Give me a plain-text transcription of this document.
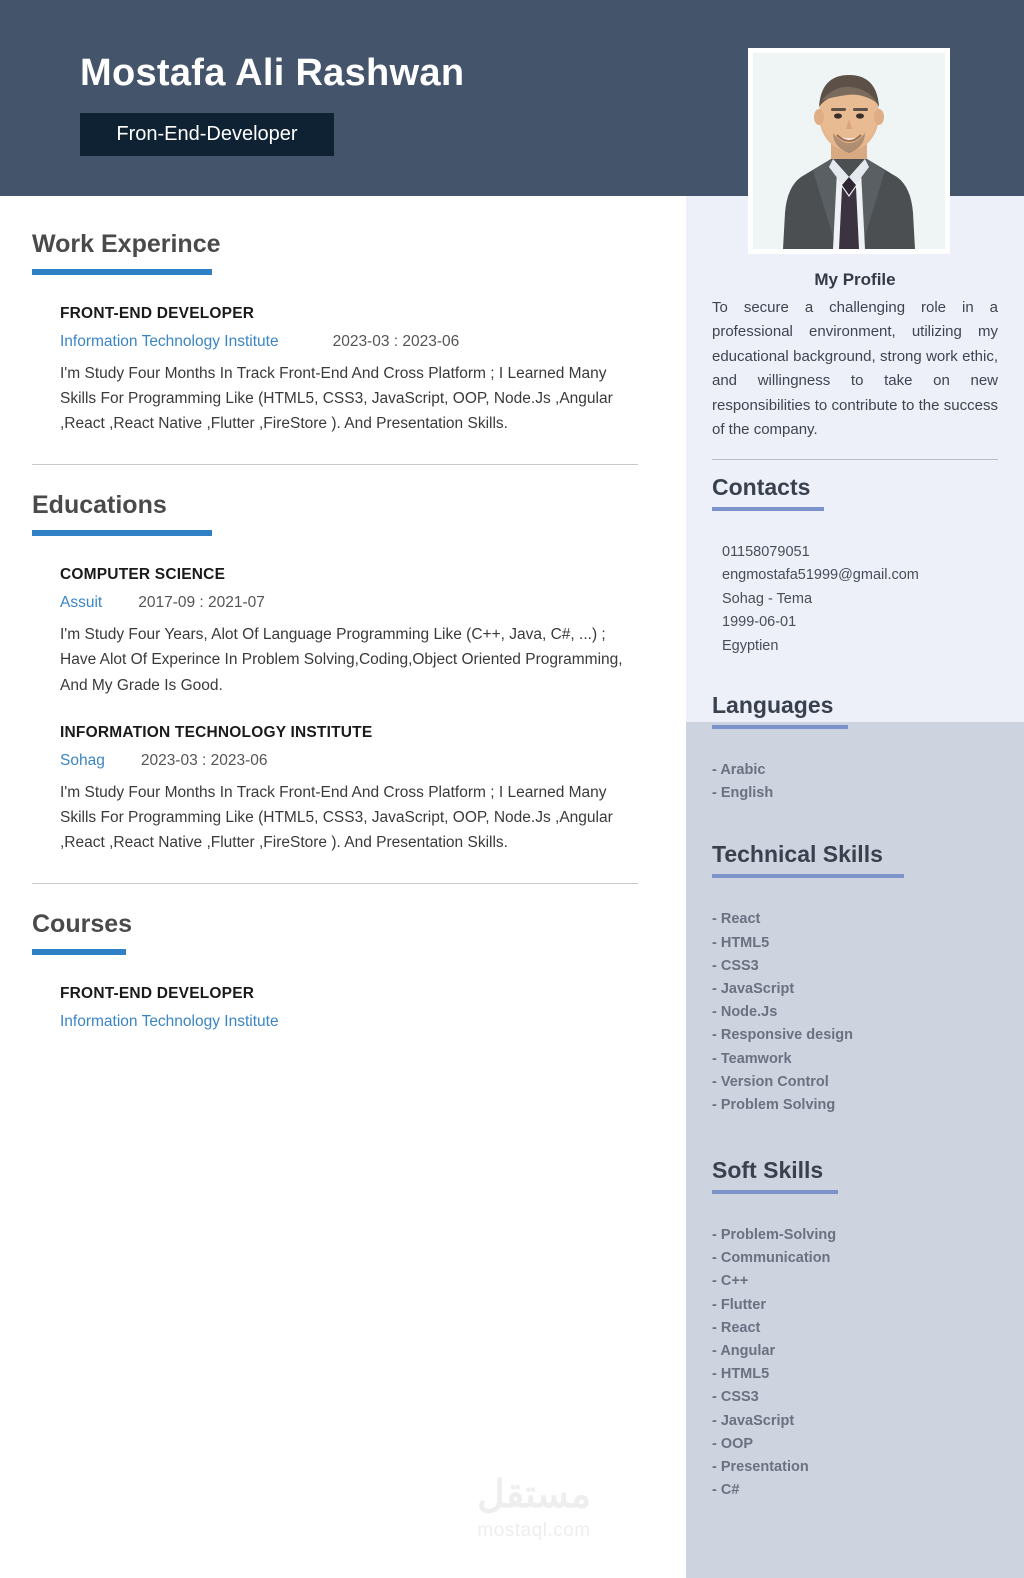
Mostafa Ali Rashwan
Fron-End-Developer
Work Experince
FRONT-END DEVELOPER
Information Technology Institute	2023-03 : 2023-06
I'm Study Four Months In Track Front-End And Cross Platform ; I Learned Many Skills For Programming Like (HTML5, CSS3, JavaScript, OOP, Node.Js ,Angular ,React ,React Native ,Flutter ,FireStore ). And Presentation Skills.
Educations
COMPUTER SCIENCE
Assuit 2017-09 : 2021-07
I'm Study Four Years, Alot Of Language Programming Like (C++, Java, C#, ...) ; Have Alot Of Experince In Problem Solving,Coding,Object Oriented Programming, And My Grade Is Good.
INFORMATION TECHNOLOGY INSTITUTE
Sohag 2023-03 : 2023-06
I'm Study Four Months In Track Front-End And Cross Platform ; I Learned Many Skills For Programming Like (HTML5, CSS3, JavaScript, OOP, Node.Js ,Angular ,React ,React Native ,Flutter ,FireStore ). And Presentation Skills.
Courses
FRONT-END DEVELOPER
Information Technology Institute
My Profile
To secure a challenging role in a professional environment, utilizing my educational background, strong work ethic, and willingness to take on new responsibilities to contribute to the success of the company.
Contacts
01158079051
engmostafa51999@gmail.com
Sohag - Tema
1999-06-01
Egyptien
Languages
- Arabic
- English
Technical Skills
- React
- HTML5
- CSS3
- JavaScript
- Node.Js
- Responsive design
- Teamwork
- Version Control
- Problem Solving
Soft Skills
- Problem-Solving
- Communication
- C++
- Flutter
- React
- Angular
- HTML5
- CSS3
- JavaScript
- OOP
- Presentation
- C#
مستقل
mostaql.com
